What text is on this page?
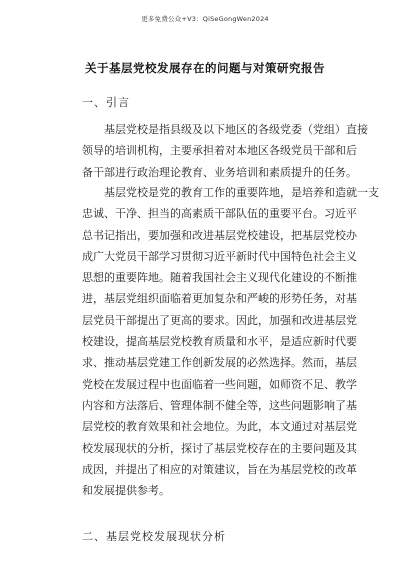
更多免费公众+V3：QiSeGongWen2024
关于基层党校发展存在的问题与对策研究报告
一、引言
基层党校是指县级及以下地区的各级党委（党组）直接
领导的培训机构，主要承担着对本地区各级党员干部和后
备干部进行政治理论教育、业务培训和素质提升的任务。
基层党校是党的教育工作的重要阵地，是培养和造就一支
忠诚、干净、担当的高素质干部队伍的重要平台。习近平
总书记指出，要加强和改进基层党校建设，把基层党校办
成广大党员干部学习贯彻习近平新时代中国特色社会主义
思想的重要阵地。随着我国社会主义现代化建设的不断推
进，基层党组织面临着更加复杂和严峻的形势任务，对基
层党员干部提出了更高的要求。因此，加强和改进基层党
校建设，提高基层党校教育质量和水平，是适应新时代要
求、推动基层党建工作创新发展的必然选择。然而，基层
党校在发展过程中也面临着一些问题，如师资不足、教学
内容和方法落后、管理体制不健全等，这些问题影响了基
层党校的教育效果和社会地位。为此，本文通过对基层党
校发展现状的分析，探讨了基层党校存在的主要问题及其
成因，并提出了相应的对策建议，旨在为基层党校的改革
和发展提供参考。
二、基层党校发展现状分析
